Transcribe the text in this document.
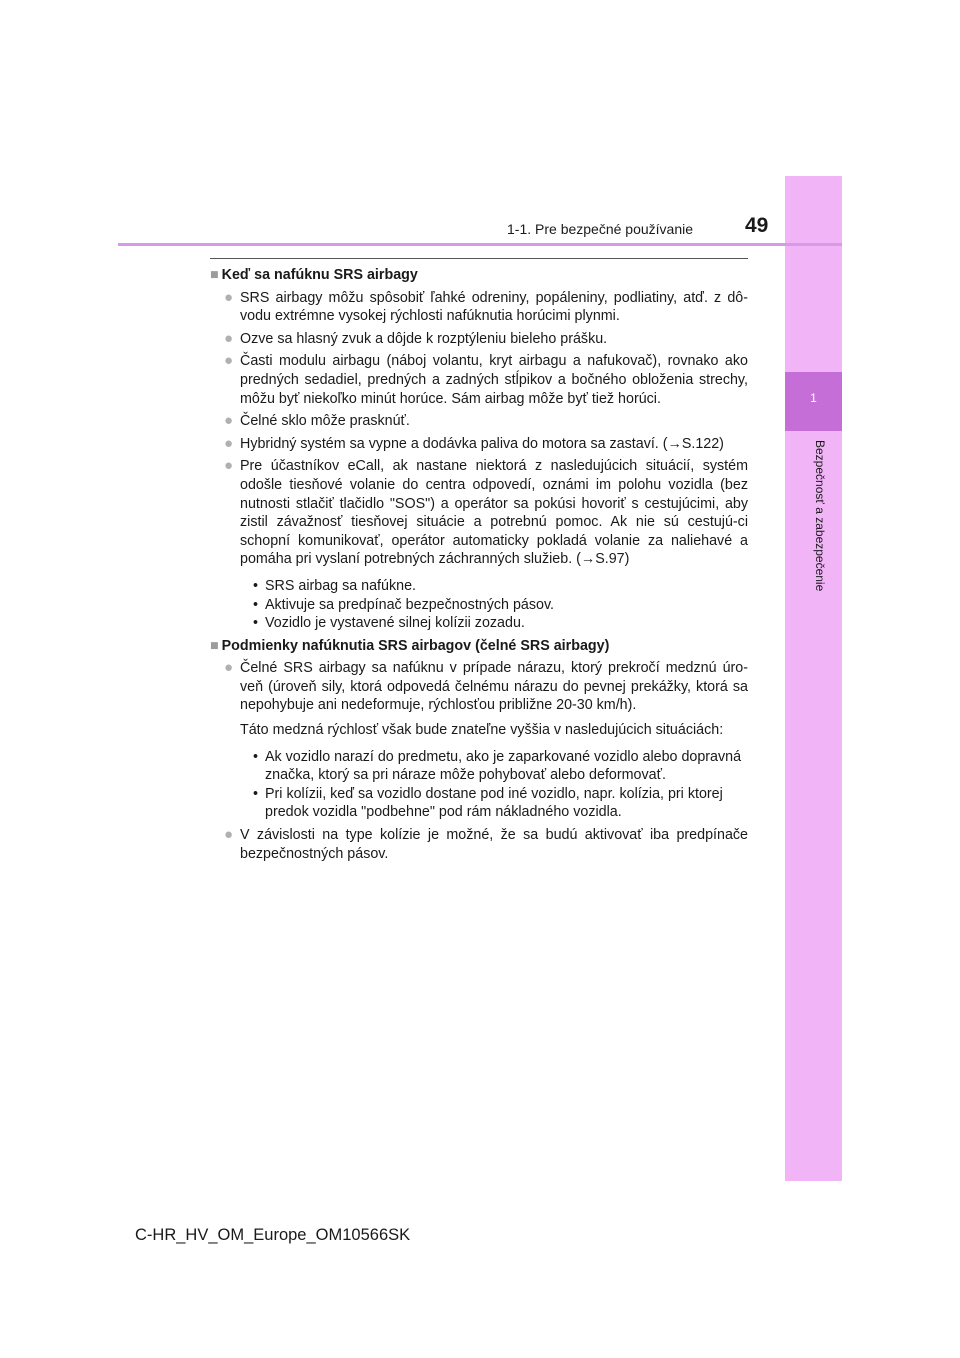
1
Bezpečnosť a zabezpečenie
1-1. Pre bezpečné používanie 49
■ Keď sa nafúknu SRS airbagy
● SRS airbagy môžu spôsobiť ľahké odreniny, popáleniny, podliatiny, atď. z dô-vodu extrémne vysokej rýchlosti nafúknutia horúcimi plynmi.
● Ozve sa hlasný zvuk a dôjde k rozptýleniu bieleho prášku.
● Časti modulu airbagu (náboj volantu, kryt airbagu a nafukovač), rovnako ako predných sedadiel, predných a zadných stĺpikov a bočného obloženia strechy, môžu byť niekoľko minút horúce. Sám airbag môže byť tiež horúci.
● Čelné sklo môže prasknúť.
● Hybridný systém sa vypne a dodávka paliva do motora sa zastaví. (→S.122)
● Pre účastníkov eCall, ak nastane niektorá z nasledujúcich situácií, systém odošle tiesňové volanie do centra odpovedí, oznámi im polohu vozidla (bez nutnosti stlačiť tlačidlo "SOS") a operátor sa pokúsi hovoriť s cestujúcimi, aby zistil závažnosť tiesňovej situácie a potrebnú pomoc. Ak nie sú cestujú-ci schopní komunikovať, operátor automaticky pokladá volanie za naliehavé a pomáha pri vyslaní potrebných záchranných služieb. (→S.97)
• SRS airbag sa nafúkne.
• Aktivuje sa predpínač bezpečnostných pásov.
• Vozidlo je vystavené silnej kolízii zozadu.
■ Podmienky nafúknutia SRS airbagov (čelné SRS airbagy)
● Čelné SRS airbagy sa nafúknu v prípade nárazu, ktorý prekročí medznú úro-veň (úroveň sily, ktorá odpovedá čelnému nárazu do pevnej prekážky, ktorá sa nepohybuje ani nedeformuje, rýchlosťou približne 20-30 km/h).
Táto medzná rýchlosť však bude znateľne vyššia v nasledujúcich situáciách:
• Ak vozidlo narazí do predmetu, ako je zaparkované vozidlo alebo dopravná značka, ktorý sa pri náraze môže pohybovať alebo deformovať.
• Pri kolízii, keď sa vozidlo dostane pod iné vozidlo, napr. kolízia, pri ktorej predok vozidla "podbehne" pod rám nákladného vozidla.
● V závislosti na type kolízie je možné, že sa budú aktivovať iba predpínače bezpečnostných pásov.
C-HR_HV_OM_Europe_OM10566SK
